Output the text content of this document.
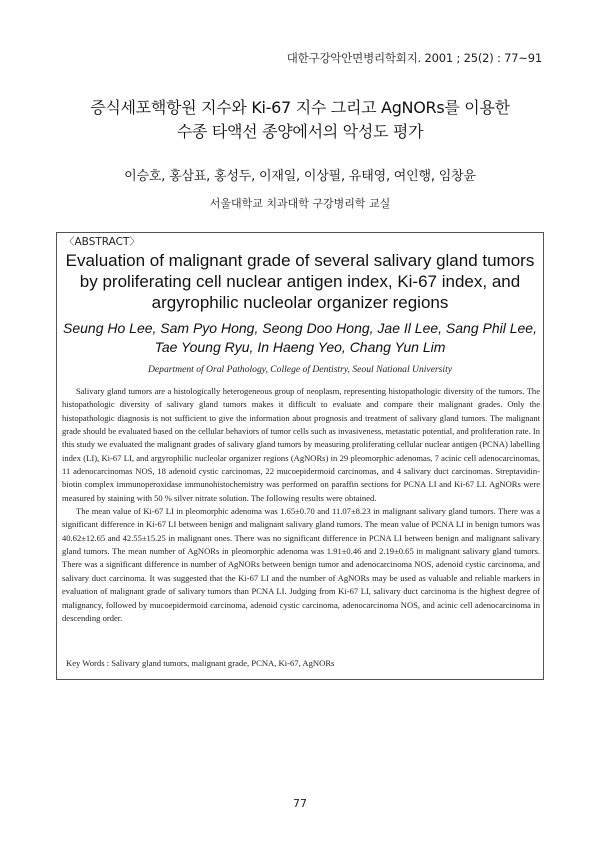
대한구강악안면병리학회지. 2001 ; 25(2) : 77~91
증식세포핵항원 지수와 Ki-67 지수 그리고 AgNORs를 이용한
수종 타액선 종양에서의 악성도 평가
이승호, 홍삼표, 홍성두, 이재일, 이상필, 유태영, 여인행, 임창윤
서울대학교 치과대학 구강병리학 교실
〈ABSTRACT〉
Evaluation of malignant grade of several salivary gland tumors
by proliferating cell nuclear antigen index, Ki-67 index, and
argyrophilic nucleolar organizer regions
Seung Ho Lee, Sam Pyo Hong, Seong Doo Hong, Jae Il Lee, Sang Phil Lee,
Tae Young Ryu, In Haeng Yeo, Chang Yun Lim
Department of Oral Pathology, College of Dentistry, Seoul National University

Salivary gland tumors are a histologically heterogeneous group of neoplasm, representing histopathologic diversity of the tumors. The histopathologic diversity of salivary gland tumors makes it difficult to evaluate and compare their malignant grades. Only the histopathologic diagnosis is not sufficient to give the information about prognosis and treatment of salivary gland tumors. The malignant grade should be evaluated based on the cellular behaviors of tumor cells such as invasiveness, metastatic potential, and proliferation rate. In this study we evaluated the malignant grades of salivary gland tumors by measuring proliferating cellular nuclear antigen (PCNA) labelling index (LI), Ki-67 LI, and argyrophilic nucleolar organizer regions (AgNORs) in 29 pleomorphic adenomas, 7 acinic cell adenocarcinomas, 11 adenocarcinomas NOS, 18 adenoid cystic carcinomas, 22 mucoepidermoid carcinomas, and 4 salivary duct carcinomas. Streptavidin-biotin complex immunoperoxidase immunohistochemistry was performed on paraffin sections for PCNA LI and Ki-67 LI. AgNORs were measured by staining with 50 % silver nitrate solution. The following results were obtained.

The mean value of Ki-67 LI in pleomorphic adenoma was 1.65±0.70 and 11.07±8.23 in malignant salivary gland tumors. There was a significant difference in Ki-67 LI between benign and malignant salivary gland tumors. The mean value of PCNA LI in benign tumors was 40.62±12.65 and 42.55±15.25 in malignant ones. There was no significant difference in PCNA LI between benign and malignant salivary gland tumors. The mean number of AgNORs in pleomorphic adenoma was 1.91±0.46 and 2.19±0.65 in malignant salivary gland tumors. There was a significant difference in number of AgNORs between benign tumor and adenocarcinoma NOS, adenoid cystic carcinoma, and salivary duct carcinoma. It was suggested that the Ki-67 LI and the number of AgNORs may be used as valuable and reliable markers in evaluation of malignant grade of salivary tumors than PCNA LI. Judging from Ki-67 LI, salivary duct carcinoma is the highest degree of malignancy, followed by mucoepidermoid carcinoma, adenoid cystic carcinoma, adenocarcinoma NOS, and acinic cell adenocarcinoma in descending order.

Key Words : Salivary gland tumors, malignant grade, PCNA, Ki-67, AgNORs
77
